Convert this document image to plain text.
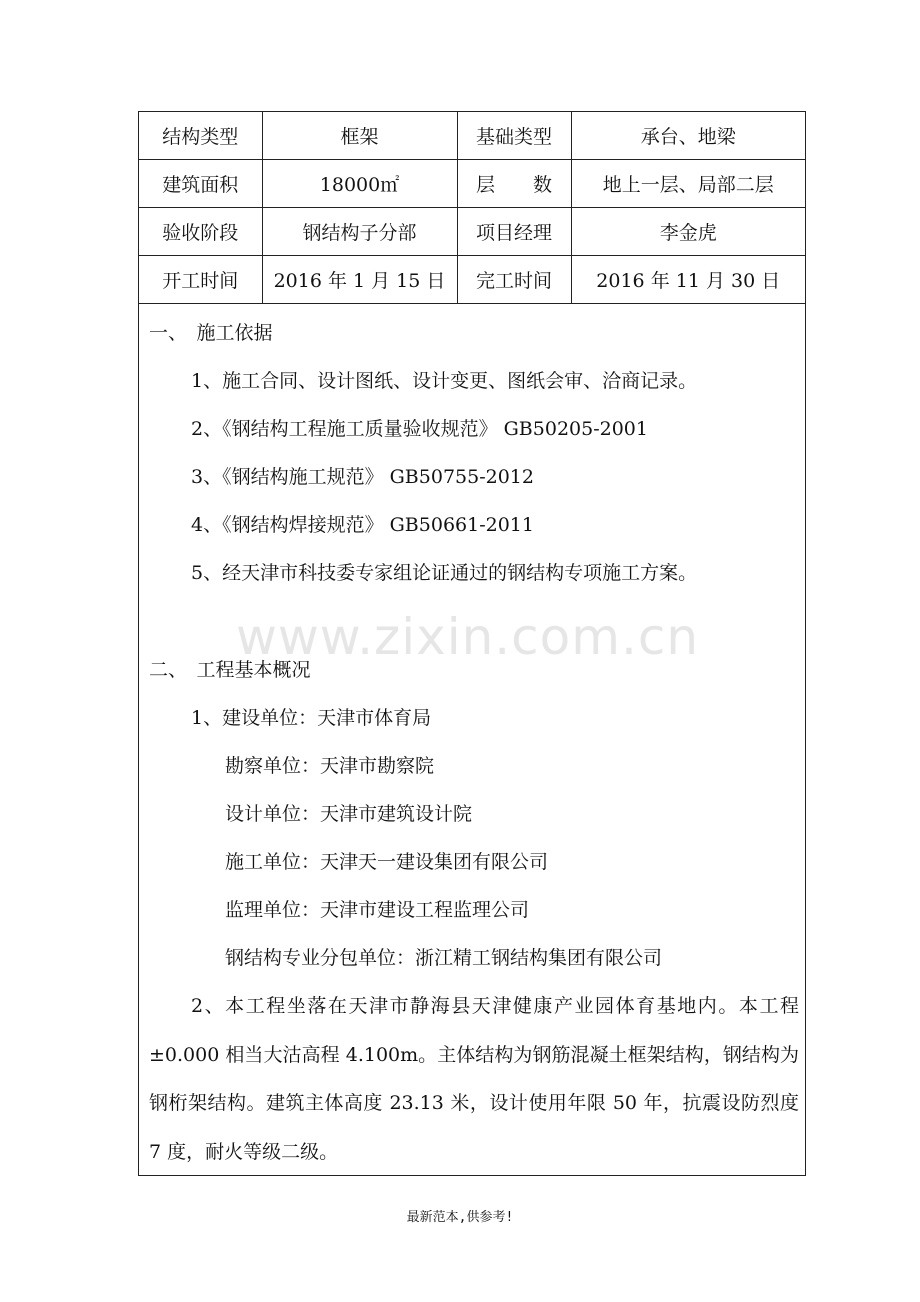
结构类型	框架	基础类型	承台、地梁
建筑面积	18000㎡	层　　数	地上一层、局部二层
验收阶段	钢结构子分部	项目经理	李金虎
开工时间	2016 年 1 月 15 日	完工时间	2016 年 11 月 30 日
一、　施工依据
1、施工合同、设计图纸、设计变更、图纸会审、洽商记录。
2、《钢结构工程施工质量验收规范》 GB50205-2001
3、《钢结构施工规范》 GB50755-2012
4、《钢结构焊接规范》 GB50661-2011
5、经天津市科技委专家组论证通过的钢结构专项施工方案。
二、　工程基本概况
1、建设单位：天津市体育局
勘察单位：天津市勘察院
设计单位：天津市建筑设计院
施工单位：天津天一建设集团有限公司
监理单位：天津市建设工程监理公司
钢结构专业分包单位：浙江精工钢结构集团有限公司
2、本工程坐落在天津市静海县天津健康产业园体育基地内。本工程±0.000 相当大沽高程 4.100m。主体结构为钢筋混凝土框架结构，钢结构为钢桁架结构。建筑主体高度 23.13 米，设计使用年限 50 年，抗震设防烈度 7 度，耐火等级二级。
www.zixin.com.cn
最新范本,供参考!
